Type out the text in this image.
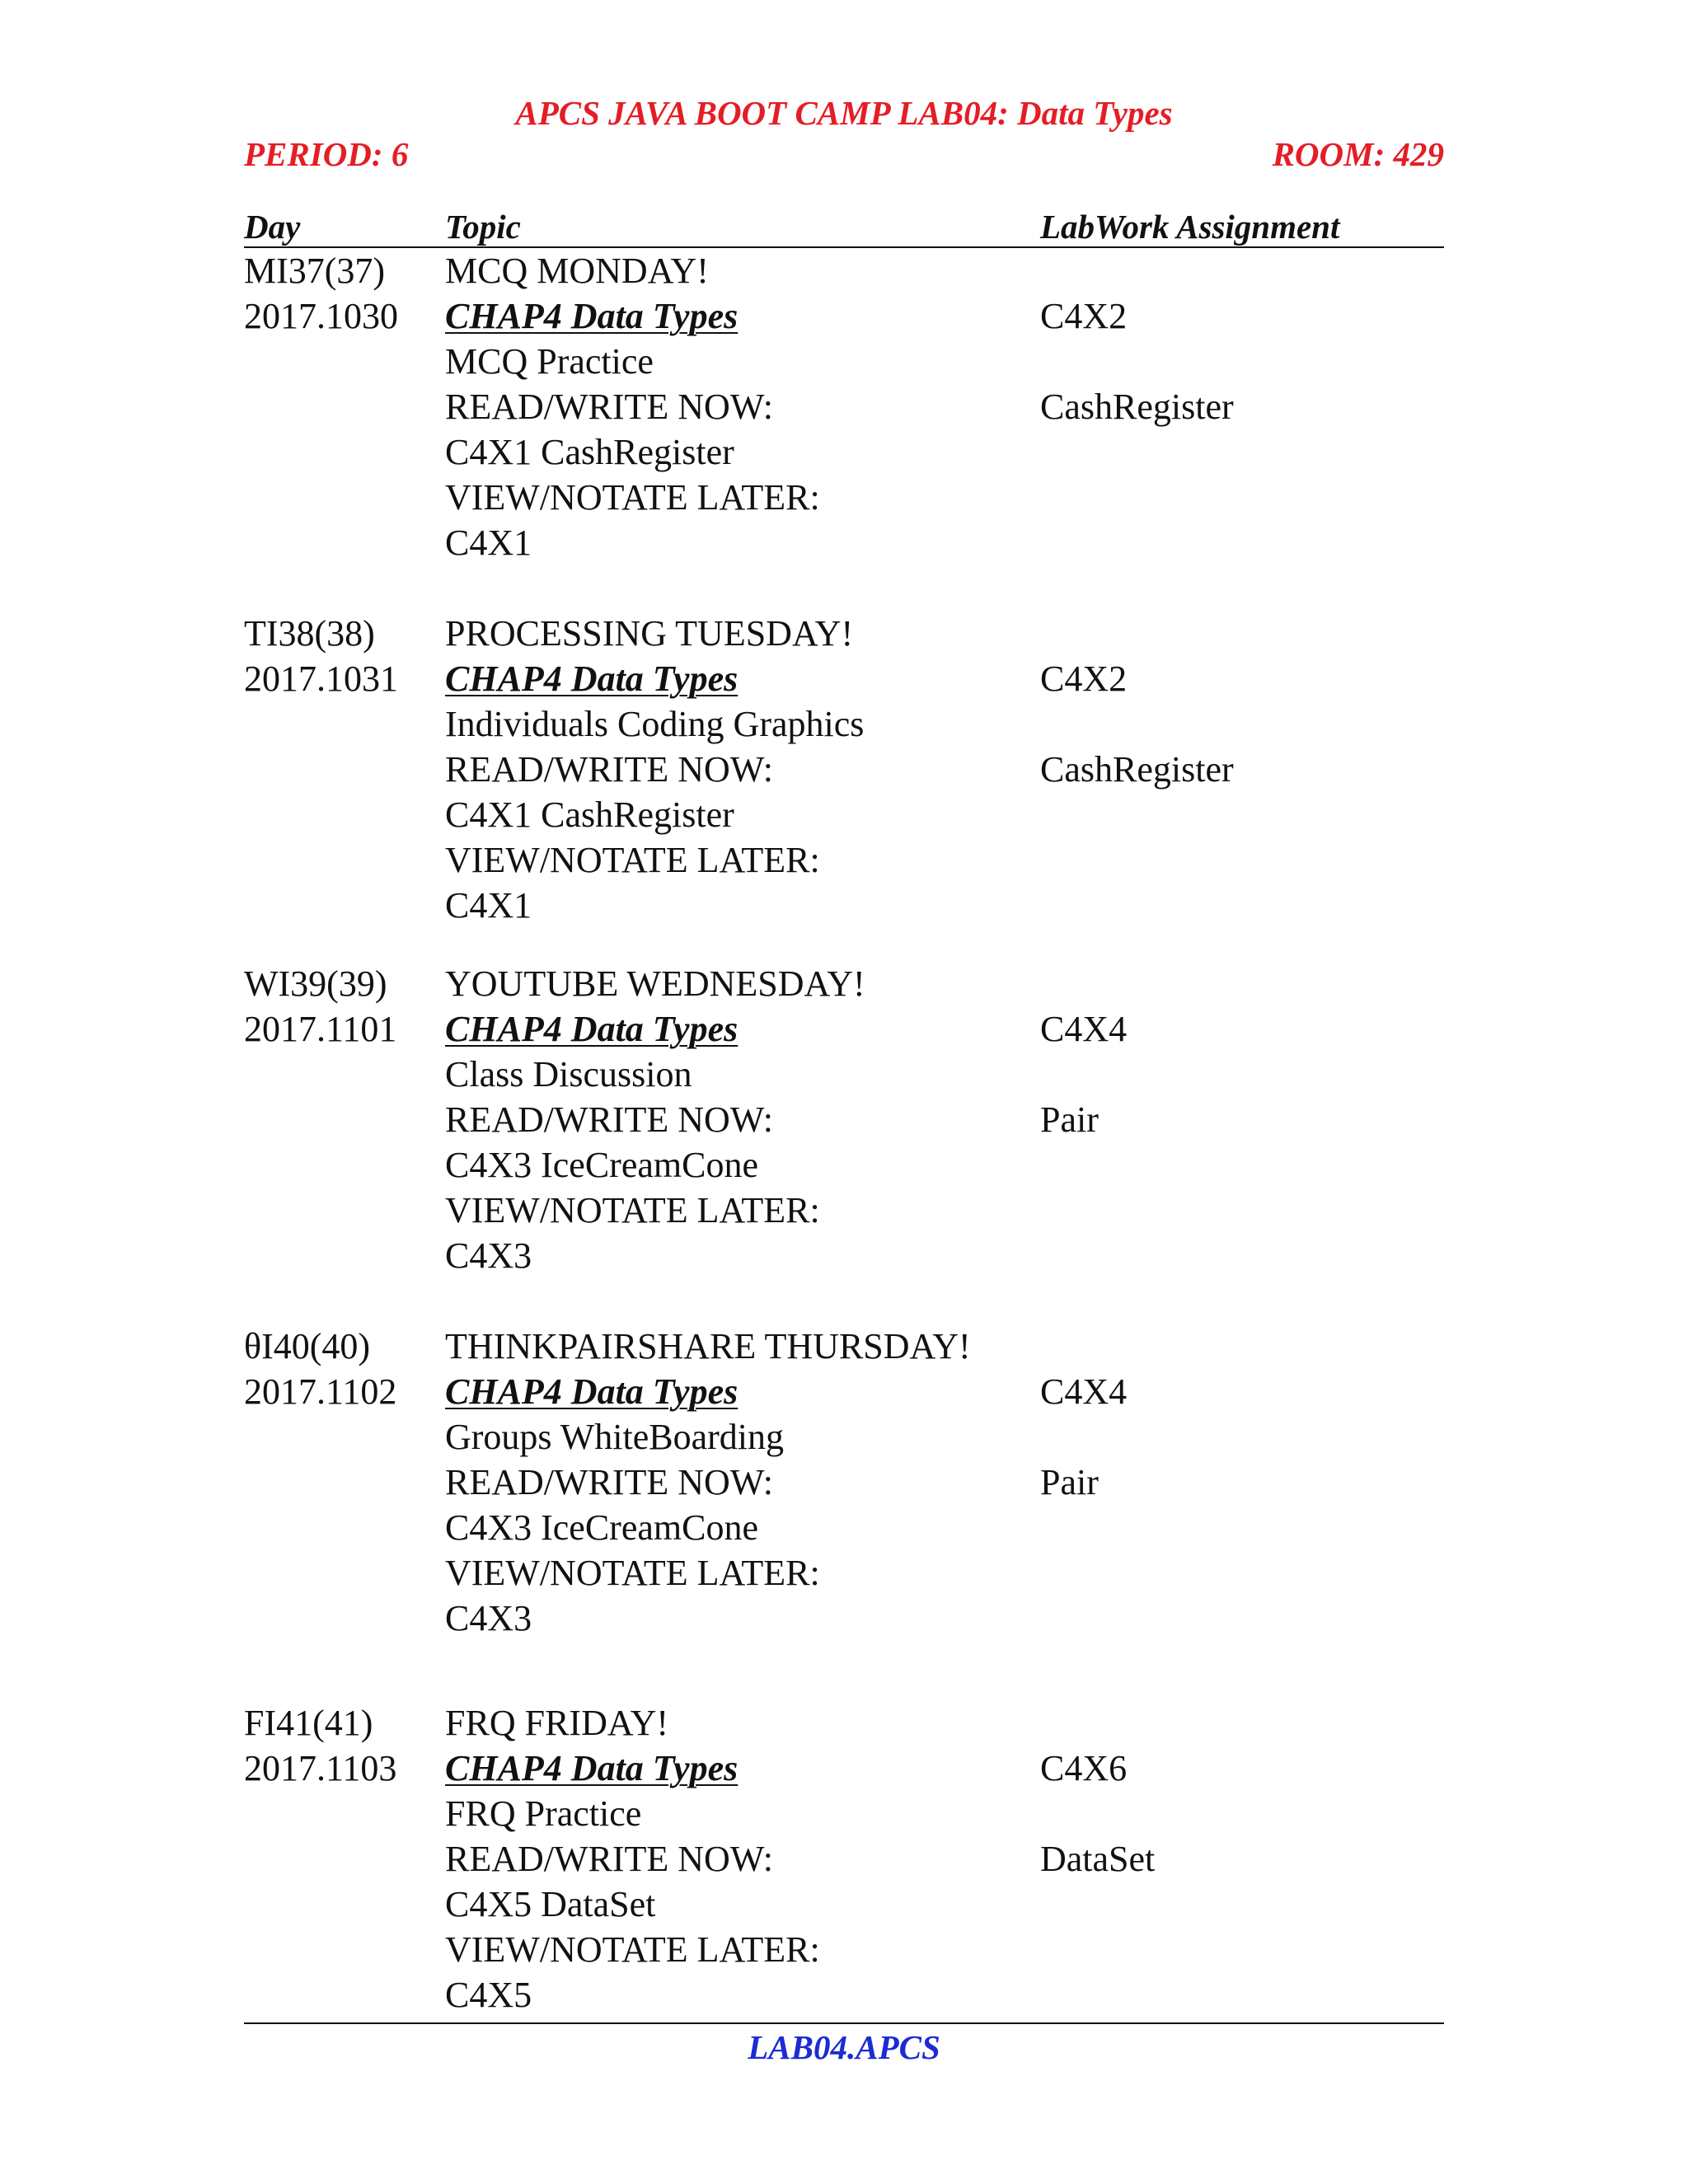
APCS JAVA BOOT CAMP LAB04: Data Types
PERIOD: 6	ROOM: 429
Day	Topic	LabWork Assignment
MI37(37)	MCQ MONDAY!
2017.1030	CHAP4 Data Types	C4X2
MCQ Practice
READ/WRITE NOW:	CashRegister
C4X1 CashRegister
VIEW/NOTATE LATER:
C4X1
TI38(38)	PROCESSING TUESDAY!
2017.1031	CHAP4 Data Types	C4X2
Individuals Coding Graphics
READ/WRITE NOW:	CashRegister
C4X1 CashRegister
VIEW/NOTATE LATER:
C4X1
WI39(39)	YOUTUBE WEDNESDAY!
2017.1101	CHAP4 Data Types	C4X4
Class Discussion
READ/WRITE NOW:	Pair
C4X3 IceCreamCone
VIEW/NOTATE LATER:
C4X3
θI40(40)	THINKPAIRSHARE THURSDAY!
2017.1102	CHAP4 Data Types	C4X4
Groups WhiteBoarding
READ/WRITE NOW:	Pair
C4X3 IceCreamCone
VIEW/NOTATE LATER:
C4X3
FI41(41)	FRQ FRIDAY!
2017.1103	CHAP4 Data Types	C4X6
FRQ Practice
READ/WRITE NOW:	DataSet
C4X5 DataSet
VIEW/NOTATE LATER:
C4X5
LAB04.APCS
